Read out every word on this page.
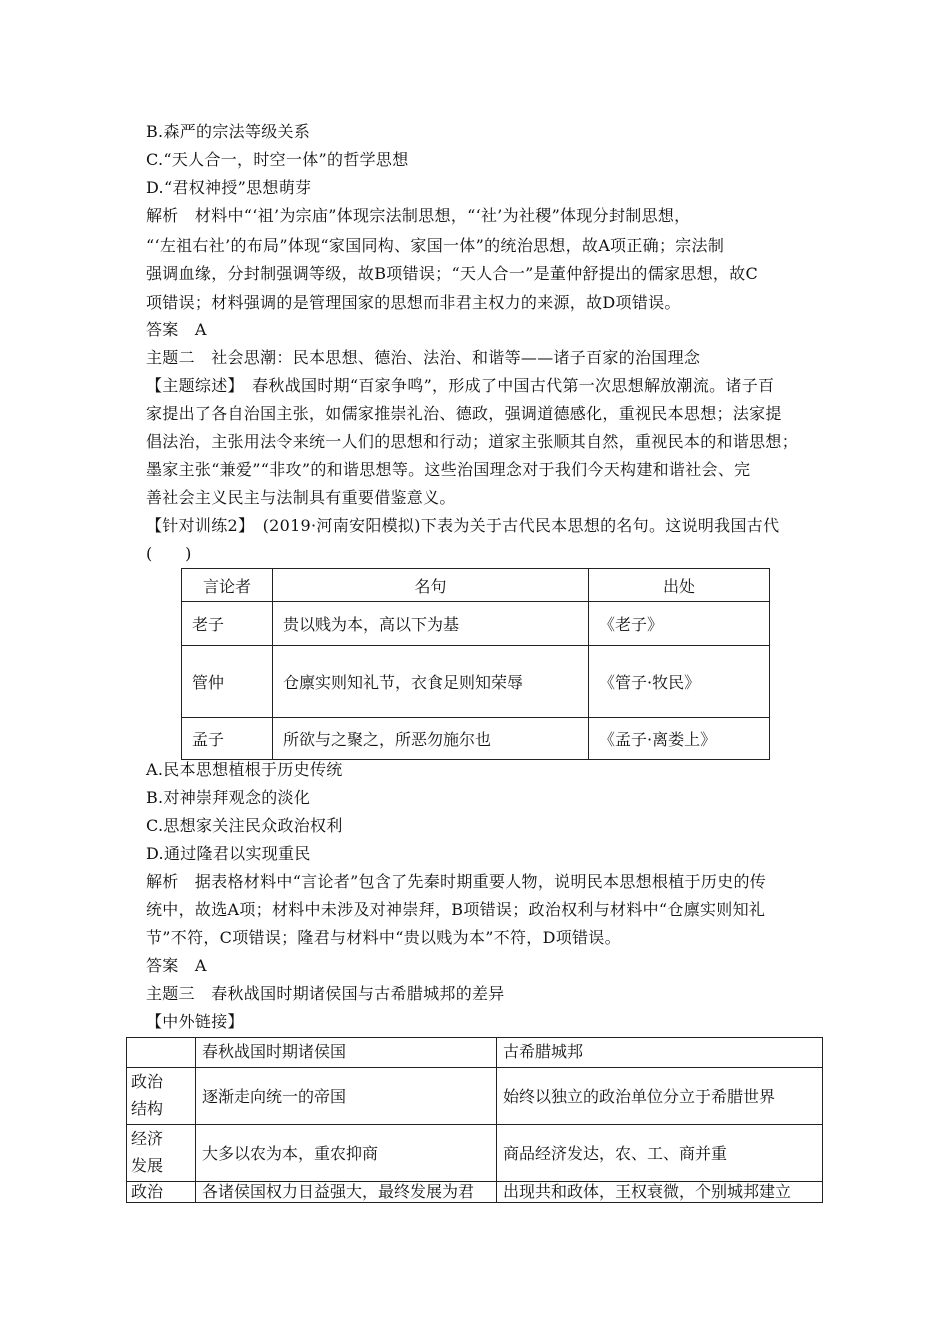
B.森严的宗法等级关系
C.“天人合一，时空一体”的哲学思想
D.“君权神授”思想萌芽
解析　材料中“‘祖’为宗庙”体现宗法制思想，“‘社’为社稷”体现分封制思想，
“‘左祖右社’的布局”体现“家国同构、家国一体”的统治思想，故A项正确；宗法制
强调血缘，分封制强调等级，故B项错误；“天人合一”是董仲舒提出的儒家思想，故C
项错误；材料强调的是管理国家的思想而非君主权力的来源，故D项错误。
答案　A
主题二　社会思潮：民本思想、德治、法治、和谐等——诸子百家的治国理念
【主题综述】　春秋战国时期“百家争鸣”，形成了中国古代第一次思想解放潮流。诸子百
家提出了各自治国主张，如儒家推崇礼治、德政，强调道德感化，重视民本思想；法家提
倡法治，主张用法令来统一人们的思想和行动；道家主张顺其自然，重视民本的和谐思想；
墨家主张“兼爱”“非攻”的和谐思想等。这些治国理念对于我们今天构建和谐社会、完
善社会主义民主与法制具有重要借鉴意义。
【针对训练2】　(2019·河南安阳模拟)下表为关于古代民本思想的名句。这说明我国古代
(　　)
言论者	名句	出处
老子	贵以贱为本，高以下为基	《老子》
管仲	仓廪实则知礼节，衣食足则知荣辱	《管子·牧民》
孟子	所欲与之聚之，所恶勿施尔也	《孟子·离娄上》
A.民本思想植根于历史传统
B.对神崇拜观念的淡化
C.思想家关注民众政治权利
D.通过隆君以实现重民
解析　据表格材料中“言论者”包含了先秦时期重要人物，说明民本思想根植于历史的传
统中，故选A项；材料中未涉及对神崇拜，B项错误；政治权利与材料中“仓廪实则知礼
节”不符，C项错误；隆君与材料中“贵以贱为本”不符，D项错误。
答案　A
主题三　春秋战国时期诸侯国与古希腊城邦的差异
【中外链接】
	春秋战国时期诸侯国	古希腊城邦

政治结构	逐渐走向统一的帝国	始终以独立的政治单位分立于希腊世界

经济发展	大多以农为本，重农抑商	商品经济发达，农、工、商并重

政治	各诸侯国权力日益强大，最终发展为君	出现共和政体，王权衰微，个别城邦建立
